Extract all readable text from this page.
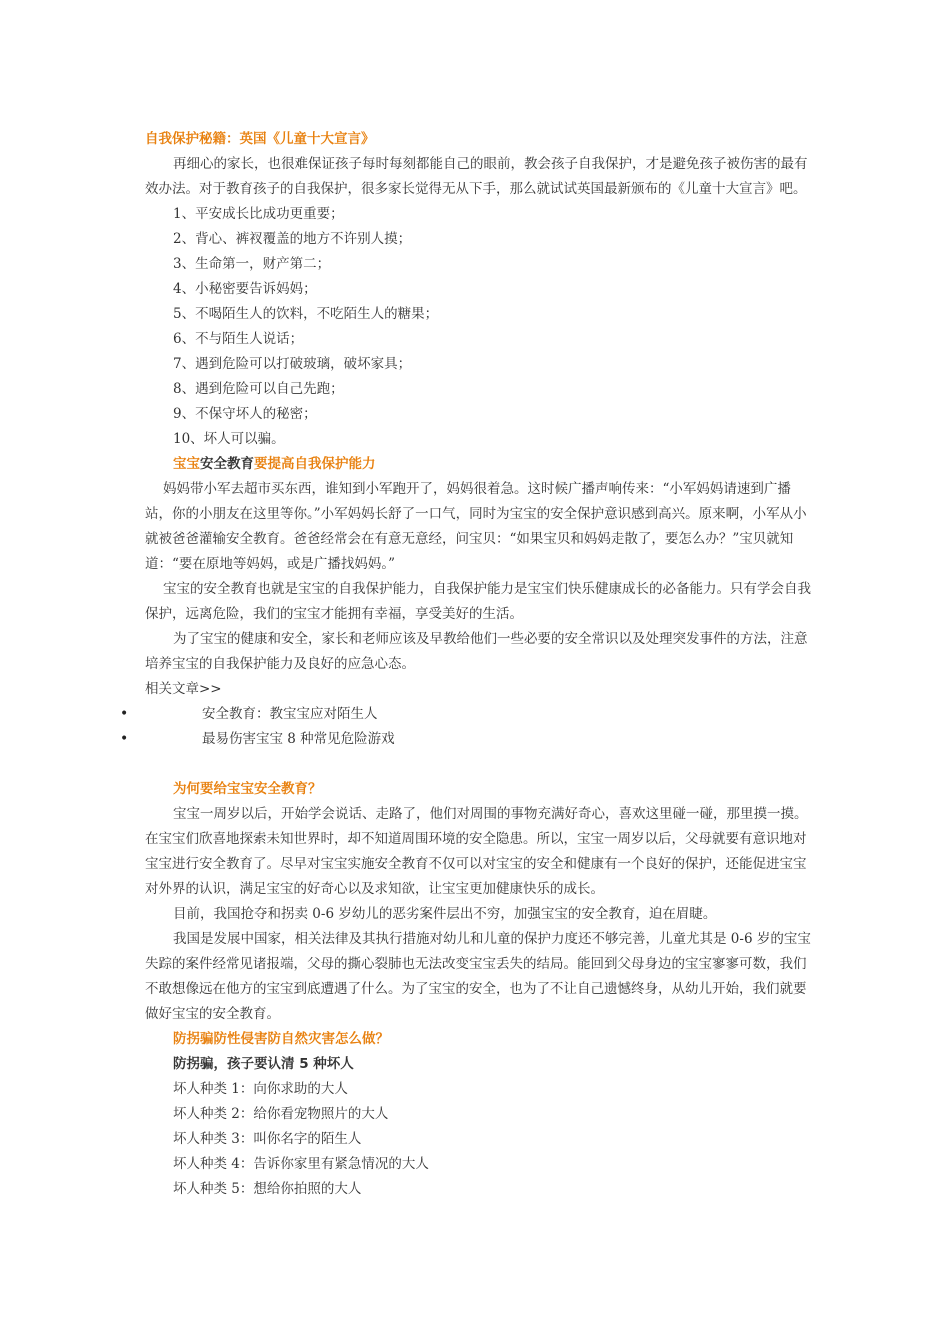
自我保护秘籍：英国《儿童十大宣言》

再细心的家长，也很难保证孩子每时每刻都能自己的眼前，教会孩子自我保护，才是避免孩子被伤害的最有效办法。对于教育孩子的自我保护，很多家长觉得无从下手，那么就试试英国最新颁布的《儿童十大宣言》吧。

1、平安成长比成功更重要；

2、背心、裤衩覆盖的地方不许别人摸；

3、生命第一，财产第二；

4、小秘密要告诉妈妈；

5、不喝陌生人的饮料，不吃陌生人的糖果；

6、不与陌生人说话；

7、遇到危险可以打破玻璃，破坏家具；

8、遇到危险可以自己先跑；

9、不保守坏人的秘密；

10、坏人可以骗。

宝宝安全教育要提高自我保护能力

妈妈带小军去超市买东西，谁知到小军跑开了，妈妈很着急。这时候广播声响传来：“小军妈妈请速到广播站，你的小朋友在这里等你。”小军妈妈长舒了一口气，同时为宝宝的安全保护意识感到高兴。原来啊，小军从小就被爸爸灌输安全教育。爸爸经常会在有意无意经，问宝贝：“如果宝贝和妈妈走散了，要怎么办？”宝贝就知道：“要在原地等妈妈，或是广播找妈妈。”

宝宝的安全教育也就是宝宝的自我保护能力，自我保护能力是宝宝们快乐健康成长的必备能力。只有学会自我保护，远离危险，我们的宝宝才能拥有幸福，享受美好的生活。

为了宝宝的健康和安全，家长和老师应该及早教给他们一些必要的安全常识以及处理突发事件的方法，注意培养宝宝的自我保护能力及良好的应急心态。

相关文章>>

• 安全教育：教宝宝应对陌生人
• 最易伤害宝宝 8 种常见危险游戏

为何要给宝宝安全教育？

宝宝一周岁以后，开始学会说话、走路了，他们对周围的事物充满好奇心，喜欢这里碰一碰，那里摸一摸。在宝宝们欣喜地探索未知世界时，却不知道周围环境的安全隐患。所以，宝宝一周岁以后，父母就要有意识地对宝宝进行安全教育了。尽早对宝宝实施安全教育不仅可以对宝宝的安全和健康有一个良好的保护，还能促进宝宝对外界的认识，满足宝宝的好奇心以及求知欲，让宝宝更加健康快乐的成长。

目前，我国抢夺和拐卖 0-6 岁幼儿的恶劣案件层出不穷，加强宝宝的安全教育，迫在眉睫。

我国是发展中国家，相关法律及其执行措施对幼儿和儿童的保护力度还不够完善，儿童尤其是 0-6 岁的宝宝失踪的案件经常见诸报端，父母的撕心裂肺也无法改变宝宝丢失的结局。能回到父母身边的宝宝寥寥可数，我们不敢想像远在他方的宝宝到底遭遇了什么。为了宝宝的安全，也为了不让自己遗憾终身，从幼儿开始，我们就要做好宝宝的安全教育。

防拐骗防性侵害防自然灾害怎么做？

防拐骗，孩子要认清 5 种坏人

坏人种类 1：向你求助的大人

坏人种类 2：给你看宠物照片的大人

坏人种类 3：叫你名字的陌生人

坏人种类 4：告诉你家里有紧急情况的大人

坏人种类 5：想给你拍照的大人
